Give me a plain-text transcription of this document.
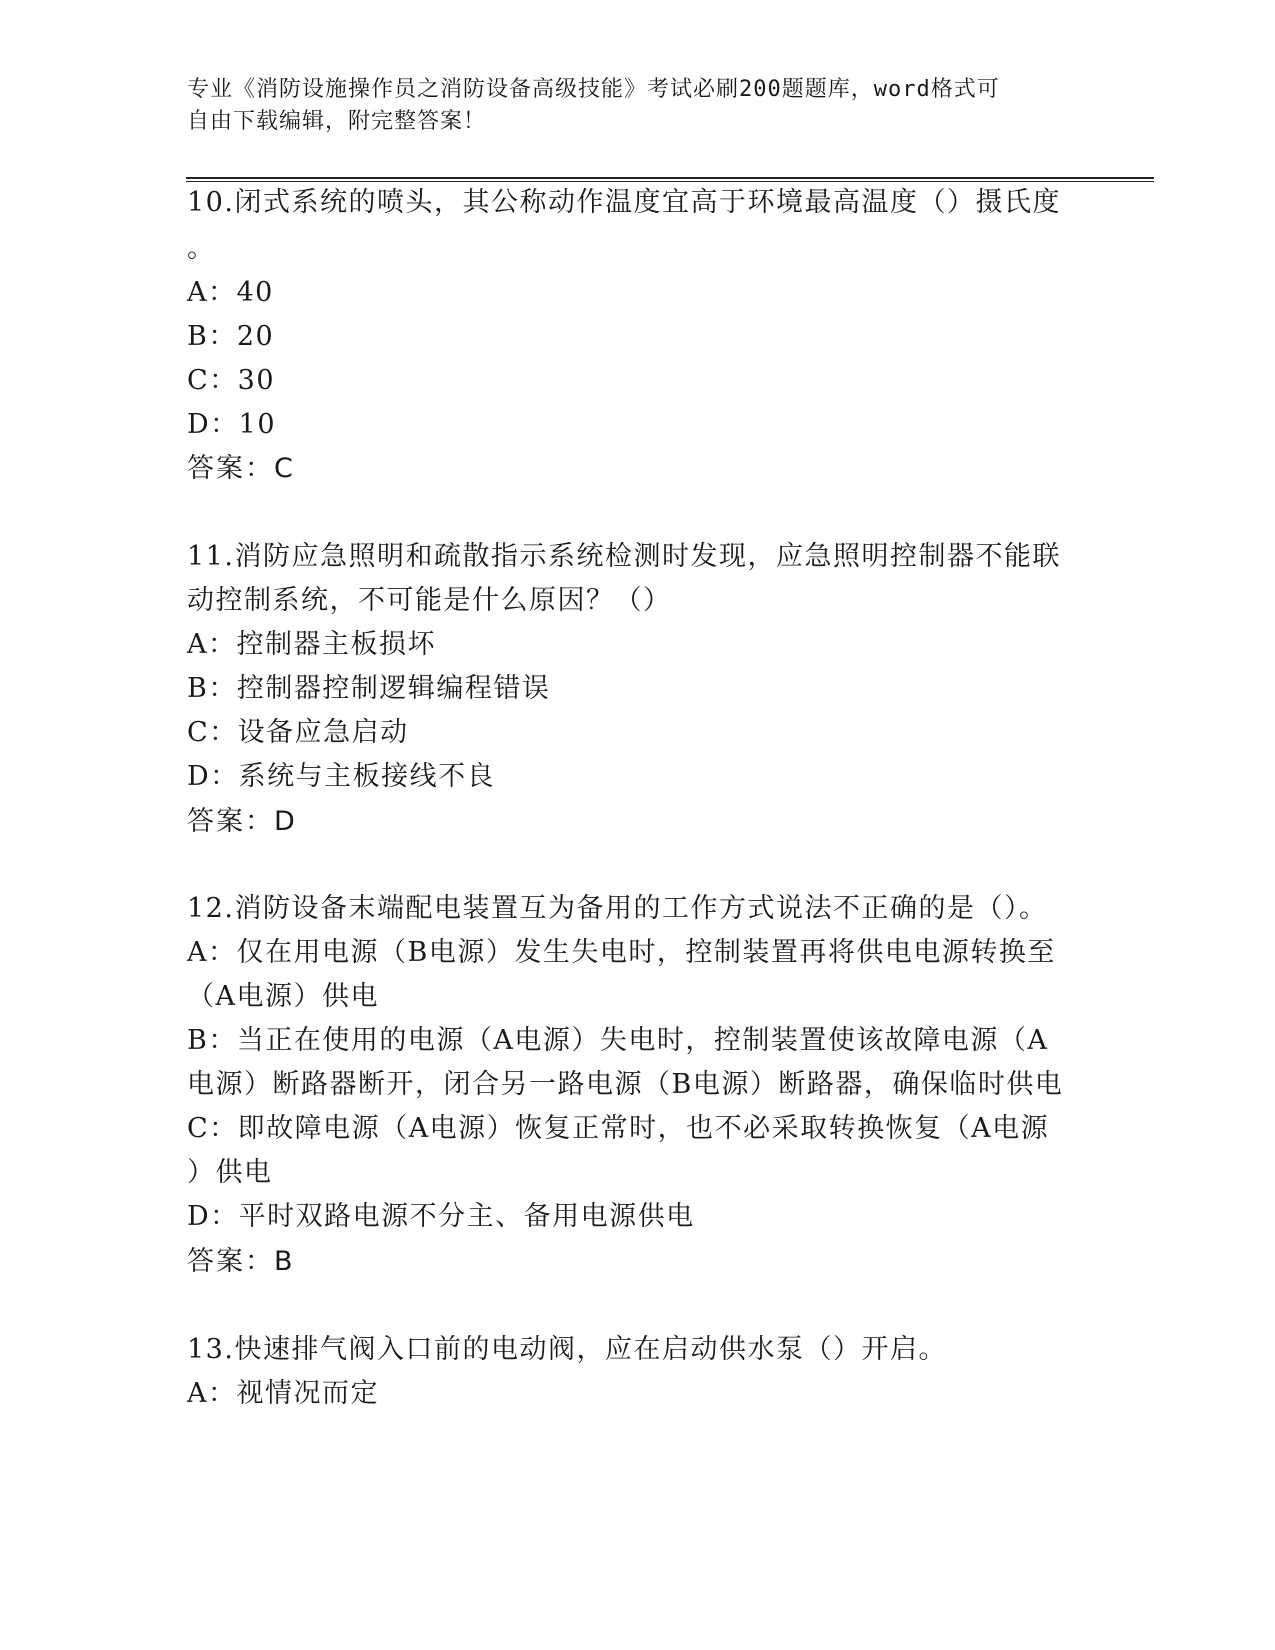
专业《消防设施操作员之消防设备高级技能》考试必刷200题题库，word格式可
自由下载编辑，附完整答案！
10.闭式系统的喷头，其公称动作温度宜高于环境最高温度（）摄氏度
。
A：40
B：20
C：30
D：10
答案：C
11.消防应急照明和疏散指示系统检测时发现，应急照明控制器不能联
动控制系统，不可能是什么原因？（）
A：控制器主板损坏
B：控制器控制逻辑编程错误
C：设备应急启动
D：系统与主板接线不良
答案：D
12.消防设备末端配电装置互为备用的工作方式说法不正确的是（）。
A：仅在用电源（B电源）发生失电时，控制装置再将供电电源转换至
（A电源）供电
B：当正在使用的电源（A电源）失电时，控制装置使该故障电源（A
电源）断路器断开，闭合另一路电源（B电源）断路器，确保临时供电
C：即故障电源（A电源）恢复正常时，也不必采取转换恢复（A电源
）供电
D：平时双路电源不分主、备用电源供电
答案：B
13.快速排气阀入口前的电动阀，应在启动供水泵（）开启。
A：视情况而定
